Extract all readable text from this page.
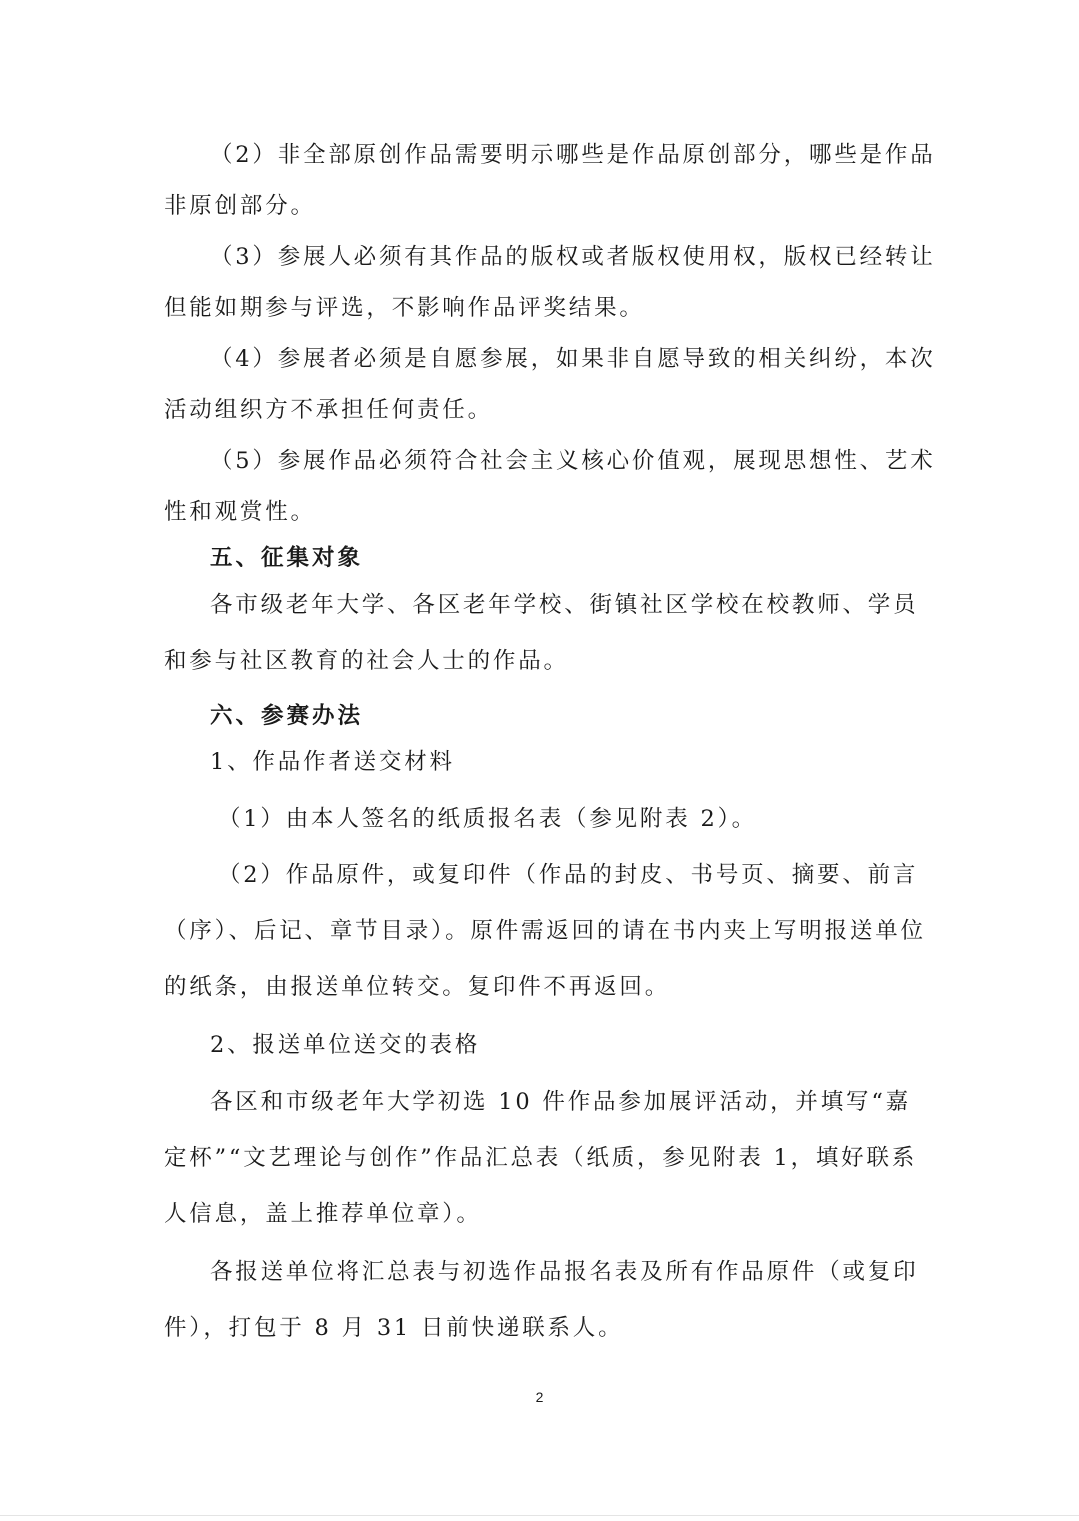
（2）非全部原创作品需要明示哪些是作品原创部分，哪些是作品
非原创部分。
（3）参展人必须有其作品的版权或者版权使用权，版权已经转让
但能如期参与评选，不影响作品评奖结果。
（4）参展者必须是自愿参展，如果非自愿导致的相关纠纷，本次
活动组织方不承担任何责任。
（5）参展作品必须符合社会主义核心价值观，展现思想性、艺术
性和观赏性。
五、征集对象
各市级老年大学、各区老年学校、街镇社区学校在校教师、学员
和参与社区教育的社会人士的作品。
六、参赛办法
1、作品作者送交材料
（1）由本人签名的纸质报名表（参见附表 2）。
（2）作品原件，或复印件（作品的封皮、书号页、摘要、前言
（序）、后记、章节目录）。原件需返回的请在书内夹上写明报送单位
的纸条，由报送单位转交。复印件不再返回。
2、报送单位送交的表格
各区和市级老年大学初选 10 件作品参加展评活动，并填写“嘉
定杯”“文艺理论与创作”作品汇总表（纸质，参见附表 1，填好联系
人信息，盖上推荐单位章）。
各报送单位将汇总表与初选作品报名表及所有作品原件（或复印
件），打包于 8 月 31 日前快递联系人。
2
